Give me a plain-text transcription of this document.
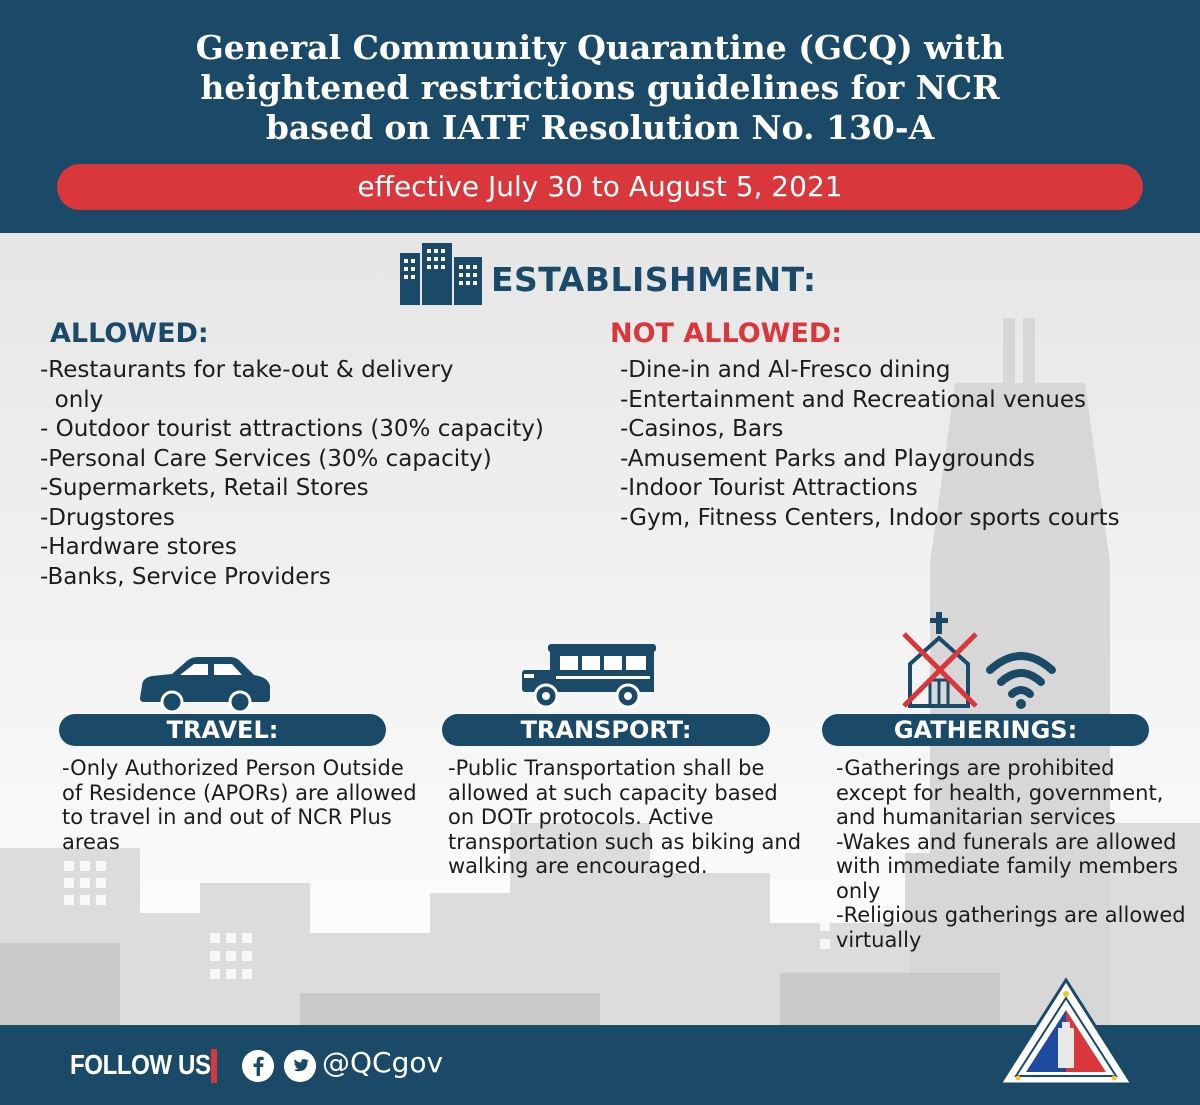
General Community Quarantine (GCQ) with
heightened restrictions guidelines for NCR
based on IATF Resolution No. 130-A
effective July 30 to August 5, 2021
ESTABLISHMENT:
ALLOWED:
-Restaurants for take-out & delivery
only
- Outdoor tourist attractions (30% capacity)
-Personal Care Services (30% capacity)
-Supermarkets, Retail Stores
-Drugstores
-Hardware stores
-Banks, Service Providers
NOT ALLOWED:
-Dine-in and Al-Fresco dining
-Entertainment and Recreational venues
-Casinos, Bars
-Amusement Parks and Playgrounds
-Indoor Tourist Attractions
-Gym, Fitness Centers, Indoor sports courts
TRAVEL:	TRANSPORT:	GATHERINGS:
-Only Authorized Person Outside of Residence (APORs) are allowed to travel in and out of NCR Plus areas
-Public Transportation shall be allowed at such capacity based on DOTr protocols. Active transportation such as biking and walking are encouraged.

-Gatherings are prohibited except for health, government, and humanitarian services

-Wakes and funerals are allowed with immediate family members only

-Religious gatherings are allowed virtually

FOLLOW US	@QCgov
